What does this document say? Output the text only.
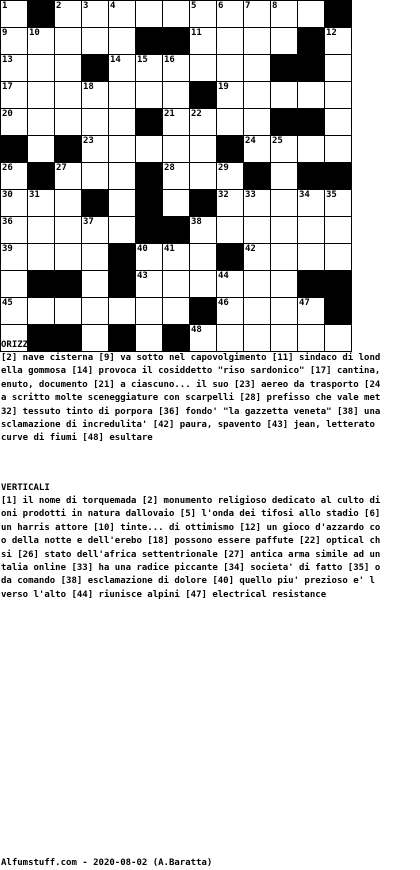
1	2 3 4	5 6 7 8
9 10	11	12
13	14 15 16
17	18	19
20	21 22
23	24 25
26	27	28	29
30 31	32 33	34 35
36	37	38
39	40 41	42
43	44
45	46	47
48
ORIZZONTALI
[2] nave cisterna [9] va sotto nel capovolgimento [11] sindaco di lond
ella gommosa [14] provoca il cosiddetto "riso sardonico" [17] cantina,
enuto, documento [21] a ciascuno... il suo [23] aereo da trasporto [24
a scritto molte sceneggiature con scarpelli [28] prefisso che vale met
32] tessuto tinto di porpora [36] fondo' "la gazzetta veneta" [38] una
sclamazione di incredulita' [42] paura, spavento [43] jean, letterato
curve di fiumi [48] esultare
VERTICALI
[1] il nome di torquemada [2] monumento religioso dedicato al culto di
oni prodotti in natura dallovaio [5] l'onda dei tifosi allo stadio [6]
un harris attore [10] tinte... di ottimismo [12] un gioco d'azzardo co
o della notte e dell'erebo [18] possono essere paffute [22] optical ch
si [26] stato dell'africa settentrionale [27] antica arma simile ad un
talia online [33] ha una radice piccante [34] societa' di fatto [35] o
da comando [38] esclamazione di dolore [40] quello piu' prezioso e' l
verso l'alto [44] riunisce alpini [47] electrical resistance
Alfumstuff.com - 2020-08-02 (A.Baratta)
